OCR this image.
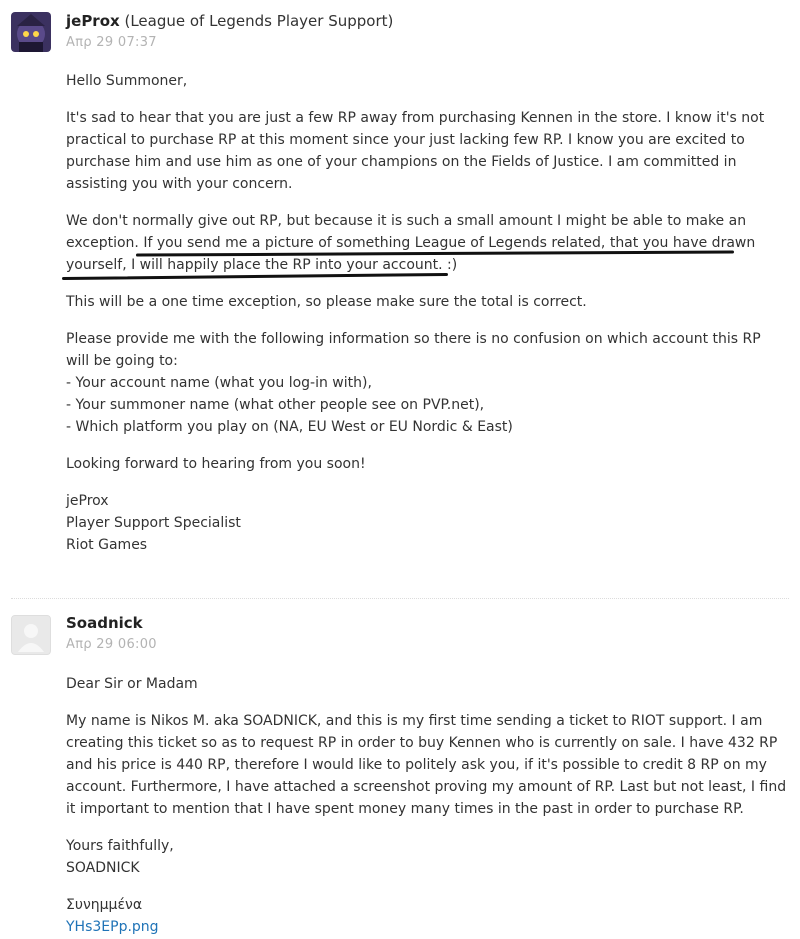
jeProx (League of Legends Player Support)
Απρ 29 07:37

Hello Summoner,

It's sad to hear that you are just a few RP away from purchasing Kennen in the store. I know it's not practical to purchase RP at this moment since your just lacking few RP. I know you are excited to purchase him and use him as one of your champions on the Fields of Justice. I am committed in assisting you with your concern.

We don't normally give out RP, but because it is such a small amount I might be able to make an exception. If you send me a picture of something League of Legends related, that you have drawn yourself, I will happily place the RP into your account. :)

This will be a one time exception, so please make sure the total is correct.

Please provide me with the following information so there is no confusion on which account this RP will be going to:

- Your account name (what you log-in with),
- Your summoner name (what other people see on PVP.net),
- Which platform you play on (NA, EU West or EU Nordic & East)

Looking forward to hearing from you soon!

jeProx
Player Support Specialist
Riot Games
Soadnick
Απρ 29 06:00

Dear Sir or Madam

My name is Nikos M. aka SOADNICK, and this is my first time sending a ticket to RIOT support. I am creating this ticket so as to request RP in order to buy Kennen who is currently on sale. I have 432 RP and his price is 440 RP, therefore I would like to politely ask you, if it's possible to credit 8 RP on my account. Furthermore, I have attached a screenshot proving my amount of RP. Last but not least, I find it important to mention that I have spent money many times in the past in order to purchase RP.

Yours faithfully,
SOADNICK
Συνημμένα
YHs3EPp.png
